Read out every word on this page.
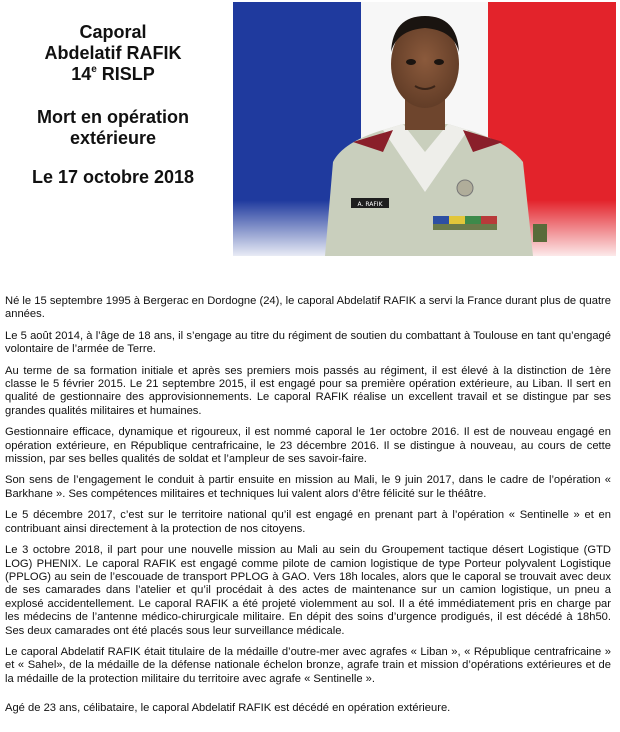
Caporal
Abdelatif RAFIK
14e RISLP
Mort en opération
extérieure
Le 17 octobre 2018
A. RAFIK

Né le 15 septembre 1995 à Bergerac en Dordogne (24), le caporal Abdelatif RAFIK a servi la France durant plus de quatre années.

Le 5 août 2014, à l’âge de 18 ans, il s’engage au titre du régiment de soutien du combattant à Toulouse en tant qu’engagé volontaire de l’armée de Terre.

Au terme de sa formation initiale et après ses premiers mois passés au régiment, il est élevé à la distinction de 1ère classe le 5 février 2015. Le 21 septembre 2015, il est engagé pour sa première opération extérieure, au Liban. Il sert en qualité de gestionnaire des approvisionnements. Le caporal RAFIK réalise un excellent travail et se distingue par ses grandes qualités militaires et humaines.

Gestionnaire efficace, dynamique et rigoureux, il est nommé caporal le 1er octobre 2016. Il est de nouveau engagé en opération extérieure, en République centrafricaine, le 23 décembre 2016. Il se distingue à nouveau, au cours de cette mission, par ses belles qualités de soldat et l’ampleur de ses savoir-faire.

Son sens de l’engagement le conduit à partir ensuite en mission au Mali, le 9 juin 2017, dans le cadre de l’opération « Barkhane ». Ses compétences militaires et techniques lui valent alors d’être félicité sur le théâtre.

Le 5 décembre 2017, c’est sur le territoire national qu’il est engagé en prenant part à l’opération « Sentinelle » et en contribuant ainsi directement à la protection de nos citoyens.

Le 3 octobre 2018, il part pour une nouvelle mission au Mali au sein du Groupement tactique désert Logistique (GTD LOG) PHENIX. Le caporal RAFIK est engagé comme pilote de camion logistique de type Porteur polyvalent Logistique (PPLOG) au sein de l’escouade de transport PPLOG à GAO. Vers 18h locales, alors que le caporal se trouvait avec deux de ses camarades dans l’atelier et qu’il procédait à des actes de maintenance sur un camion logistique, un pneu a explosé accidentellement. Le caporal RAFIK a été projeté violemment au sol. Il a été immédiatement pris en charge par les médecins de l’antenne médico-chirurgicale militaire. En dépit des soins d’urgence prodigués, il est décédé à 18h50. Ses deux camarades ont été placés sous leur surveillance médicale.

Le caporal Abdelatif RAFIK était titulaire de la médaille d’outre-mer avec agrafes « Liban », « République centrafricaine » et « Sahel», de la médaille de la défense nationale échelon bronze, agrafe train et mission d’opérations extérieures et de la médaille de la protection militaire du territoire avec agrafe « Sentinelle ».

Agé de 23 ans, célibataire, le caporal Abdelatif RAFIK est décédé en opération extérieure.
